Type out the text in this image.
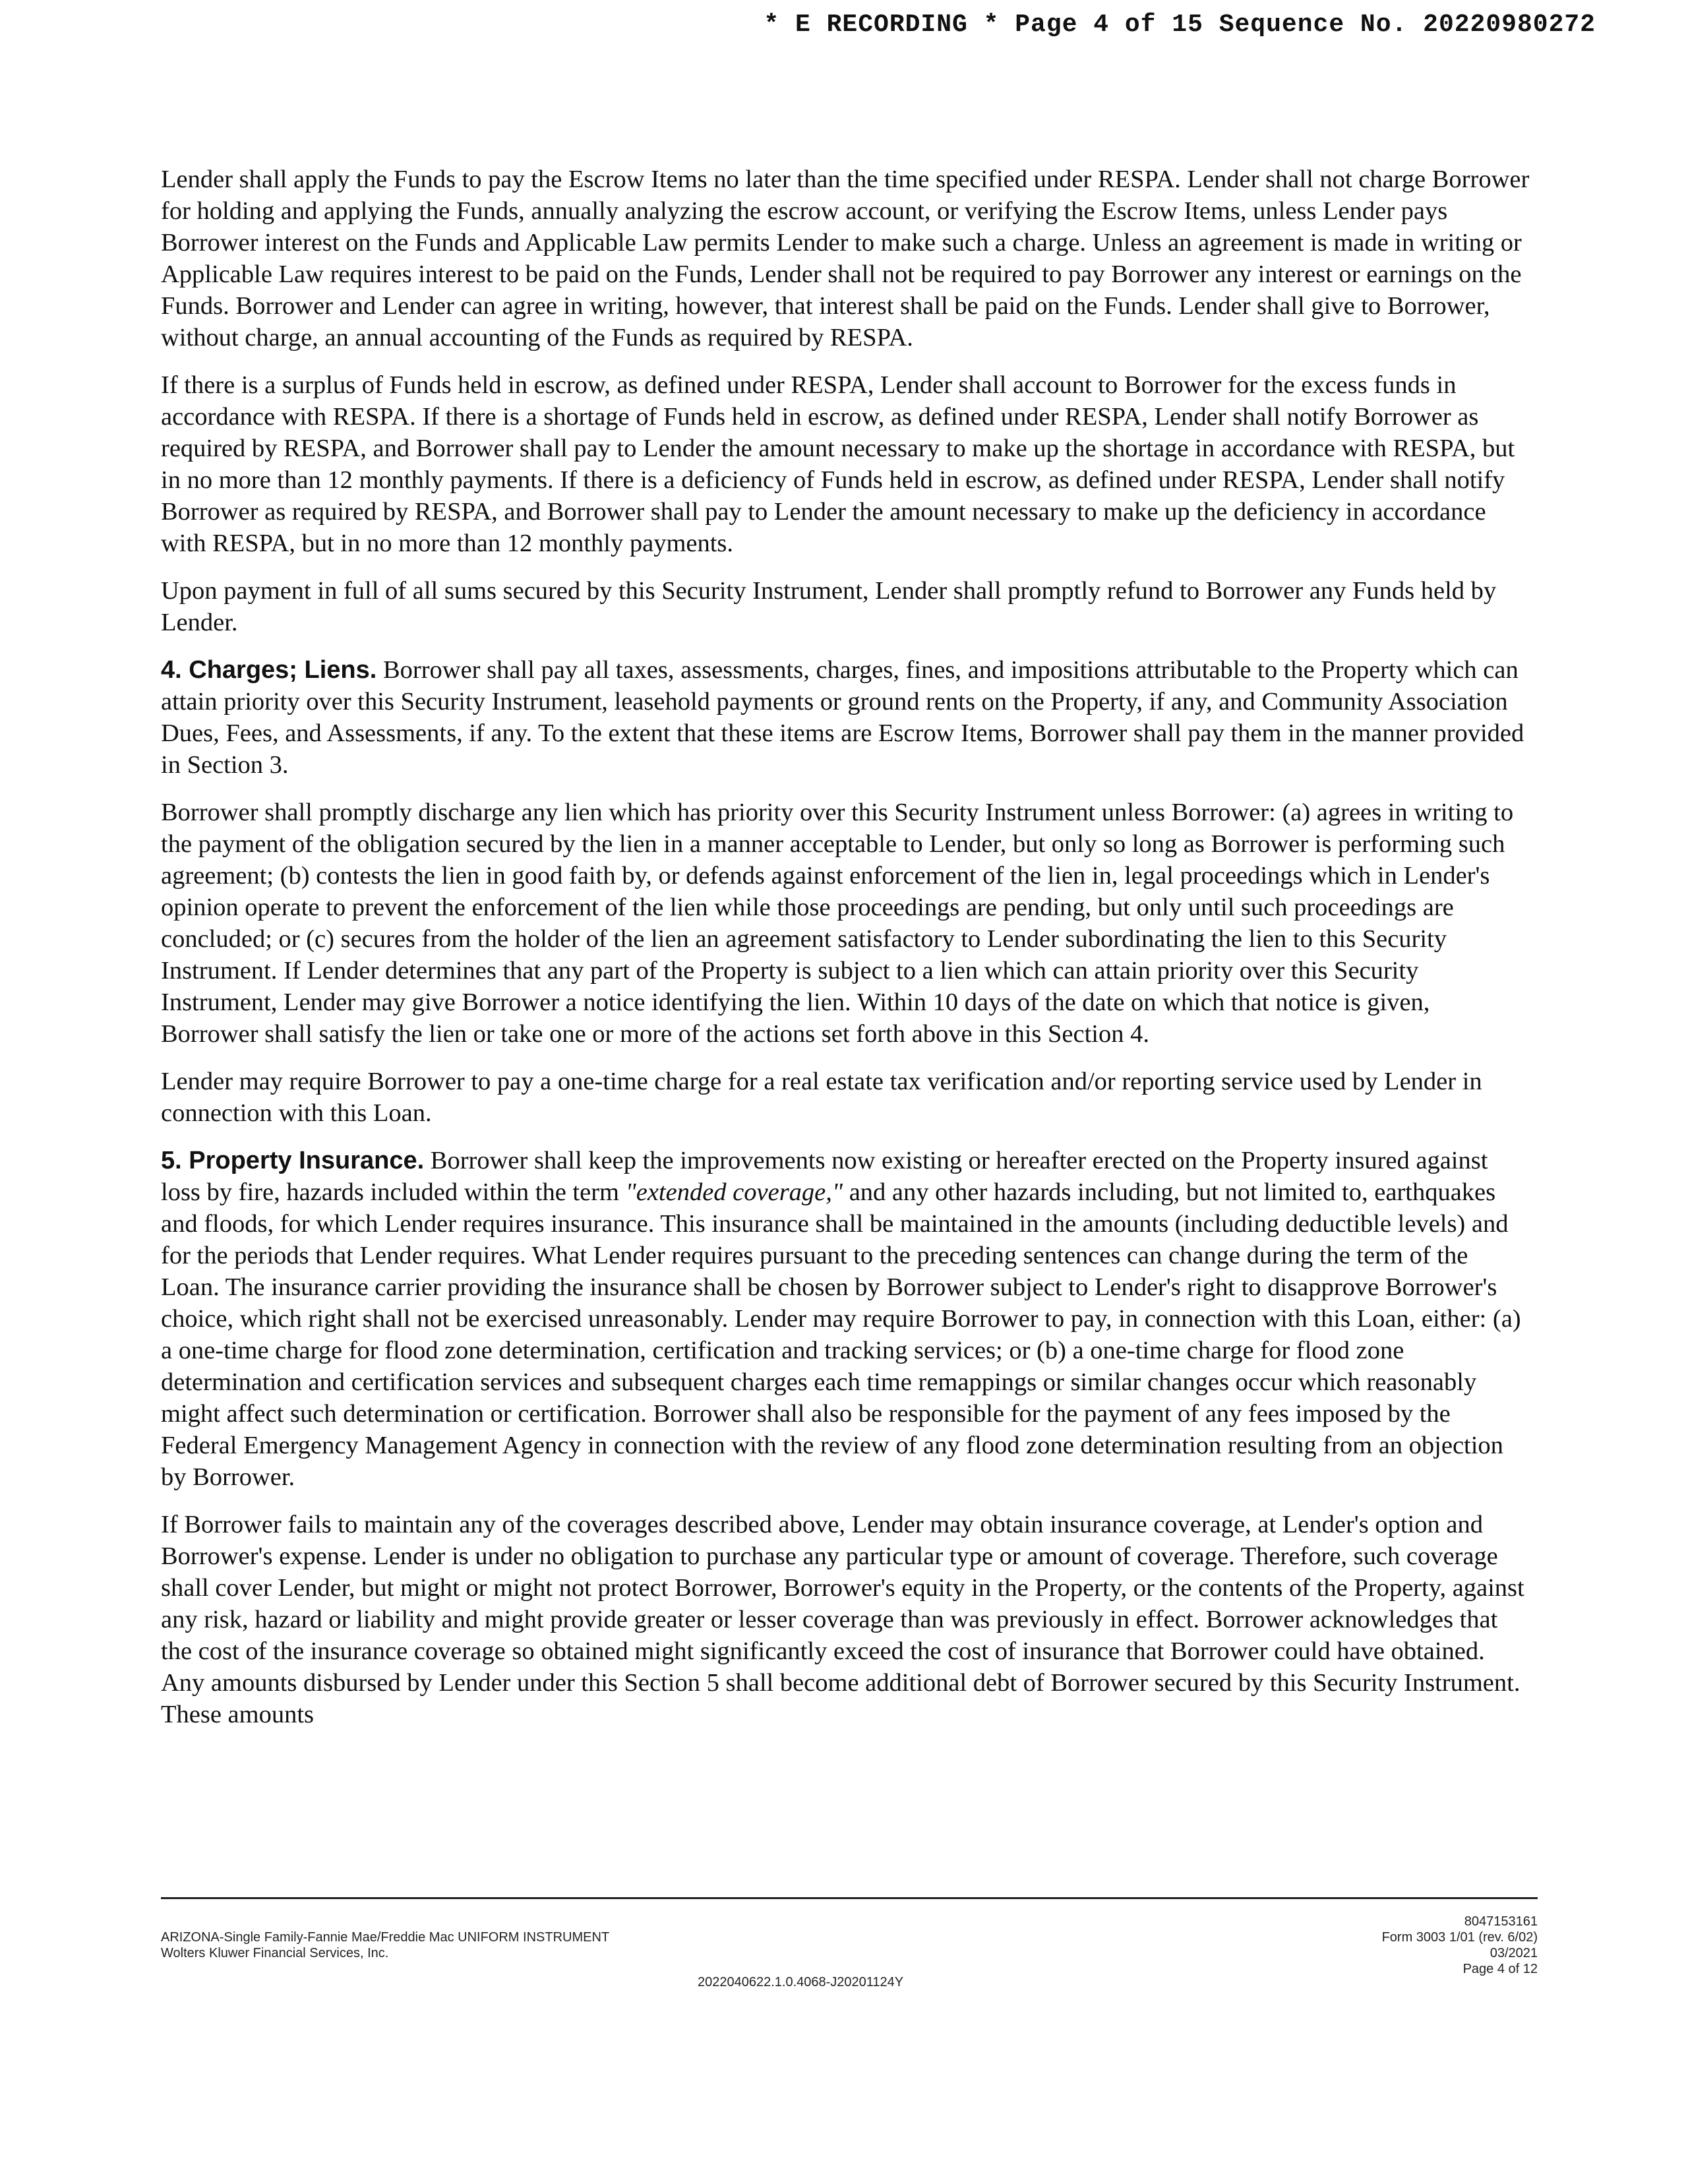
* E RECORDING * Page 4 of 15 Sequence No. 20220980272

Lender shall apply the Funds to pay the Escrow Items no later than the time specified under RESPA. Lender shall not charge Borrower for holding and applying the Funds, annually analyzing the escrow account, or verifying the Escrow Items, unless Lender pays Borrower interest on the Funds and Applicable Law permits Lender to make such a charge. Unless an agreement is made in writing or Applicable Law requires interest to be paid on the Funds, Lender shall not be required to pay Borrower any interest or earnings on the Funds. Borrower and Lender can agree in writing, however, that interest shall be paid on the Funds. Lender shall give to Borrower, without charge, an annual accounting of the Funds as required by RESPA.

If there is a surplus of Funds held in escrow, as defined under RESPA, Lender shall account to Borrower for the excess funds in accordance with RESPA. If there is a shortage of Funds held in escrow, as defined under RESPA, Lender shall notify Borrower as required by RESPA, and Borrower shall pay to Lender the amount necessary to make up the shortage in accordance with RESPA, but in no more than 12 monthly payments. If there is a deficiency of Funds held in escrow, as defined under RESPA, Lender shall notify Borrower as required by RESPA, and Borrower shall pay to Lender the amount necessary to make up the deficiency in accordance with RESPA, but in no more than 12 monthly payments.

Upon payment in full of all sums secured by this Security Instrument, Lender shall promptly refund to Borrower any Funds held by Lender.

4. Charges; Liens. Borrower shall pay all taxes, assessments, charges, fines, and impositions attributable to the Property which can attain priority over this Security Instrument, leasehold payments or ground rents on the Property, if any, and Community Association Dues, Fees, and Assessments, if any. To the extent that these items are Escrow Items, Borrower shall pay them in the manner provided in Section 3.

Borrower shall promptly discharge any lien which has priority over this Security Instrument unless Borrower: (a) agrees in writing to the payment of the obligation secured by the lien in a manner acceptable to Lender, but only so long as Borrower is performing such agreement; (b) contests the lien in good faith by, or defends against enforcement of the lien in, legal proceedings which in Lender's opinion operate to prevent the enforcement of the lien while those proceedings are pending, but only until such proceedings are concluded; or (c) secures from the holder of the lien an agreement satisfactory to Lender subordinating the lien to this Security Instrument. If Lender determines that any part of the Property is subject to a lien which can attain priority over this Security Instrument, Lender may give Borrower a notice identifying the lien. Within 10 days of the date on which that notice is given, Borrower shall satisfy the lien or take one or more of the actions set forth above in this Section 4.

Lender may require Borrower to pay a one-time charge for a real estate tax verification and/or reporting service used by Lender in connection with this Loan.

5. Property Insurance. Borrower shall keep the improvements now existing or hereafter erected on the Property insured against loss by fire, hazards included within the term "extended coverage," and any other hazards including, but not limited to, earthquakes and floods, for which Lender requires insurance. This insurance shall be maintained in the amounts (including deductible levels) and for the periods that Lender requires. What Lender requires pursuant to the preceding sentences can change during the term of the Loan. The insurance carrier providing the insurance shall be chosen by Borrower subject to Lender's right to disapprove Borrower's choice, which right shall not be exercised unreasonably. Lender may require Borrower to pay, in connection with this Loan, either: (a) a one-time charge for flood zone determination, certification and tracking services; or (b) a one-time charge for flood zone determination and certification services and subsequent charges each time remappings or similar changes occur which reasonably might affect such determination or certification. Borrower shall also be responsible for the payment of any fees imposed by the Federal Emergency Management Agency in connection with the review of any flood zone determination resulting from an objection by Borrower.

If Borrower fails to maintain any of the coverages described above, Lender may obtain insurance coverage, at Lender's option and Borrower's expense. Lender is under no obligation to purchase any particular type or amount of coverage. Therefore, such coverage shall cover Lender, but might or might not protect Borrower, Borrower's equity in the Property, or the contents of the Property, against any risk, hazard or liability and might provide greater or lesser coverage than was previously in effect. Borrower acknowledges that the cost of the insurance coverage so obtained might significantly exceed the cost of insurance that Borrower could have obtained. Any amounts disbursed by Lender under this Section 5 shall become additional debt of Borrower secured by this Security Instrument. These amounts

ARIZONA-Single Family-Fannie Mae/Freddie Mac UNIFORM INSTRUMENT
Wolters Kluwer Financial Services, Inc.
2022040622.1.0.4068-J20201124Y
8047153161
Form 3003 1/01 (rev. 6/02)
03/2021
Page 4 of 12
